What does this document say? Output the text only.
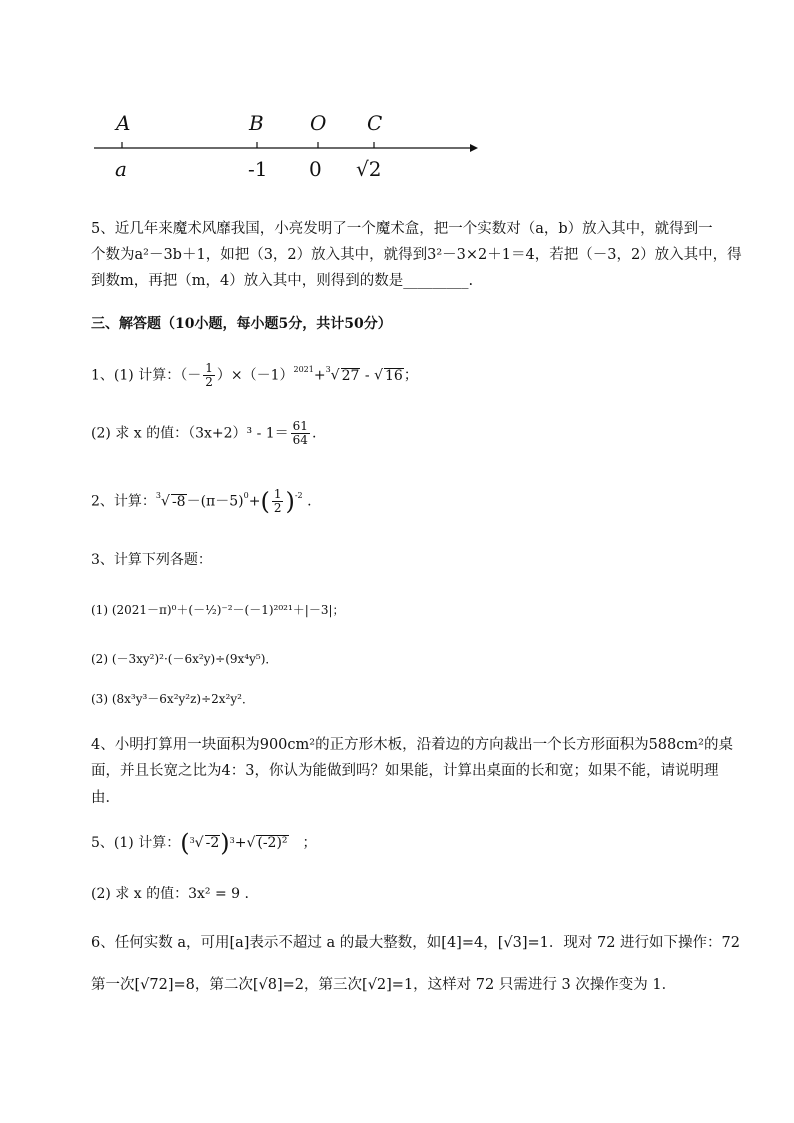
A	B O C
a	-1 0 √2
5、近几年来魔术风靡我国，小亮发明了一个魔术盒，把一个实数对（a，b）放入其中，就得到一
个数为a²－3b＋1，如把（3，2）放入其中，就得到3²－3×2＋1＝4，若把（－3，2）放入其中，得
到数m，再把（m，4）放入其中，则得到的数是_________.
三、解答题（10小题，每小题5分，共计50分）
1、(1) 计算：（－ $\frac{1}{2} )\times(-1)^{2021}+^3√$ 27 - √ 16；
(2) 求 x 的值：$(3x+2)^3 - 1= \frac{61}{64}$ .
2、计算：$^3$√ $-8-(\pi-5)^0+( \frac{1}{2} )^{-2}$ .
3、计算下列各题：
(1) (2021－π)⁰＋(－½)⁻²－(－1)²⁰²¹＋|－3|；
(2) (－3xy²)²·(－6x²y)÷(9x⁴y⁵)．
(3) (8x³y³－6x²y²z)÷2x²y²．
4、小明打算用一块面积为900cm²的正方形木板，沿着边的方向裁出一个长方形面积为588cm²的桌
面，并且长宽之比为4：3，你认为能做到吗？如果能，计算出桌面的长和宽；如果不能，请说明理
由．
5、(1) 计算：($^3$√ -2)$^3$+√ (-2)²　 ；
(2) 求 x 的值：3x² = 9 .
6、任何实数 a，可用[a]表示不超过 a 的最大整数，如[4]=4，[√3]=1．现对 72 进行如下操作：72
第一次[√72]=8，第二次[√8]=2，第三次[√2]=1，这样对 72 只需进行 3 次操作变为 1．
